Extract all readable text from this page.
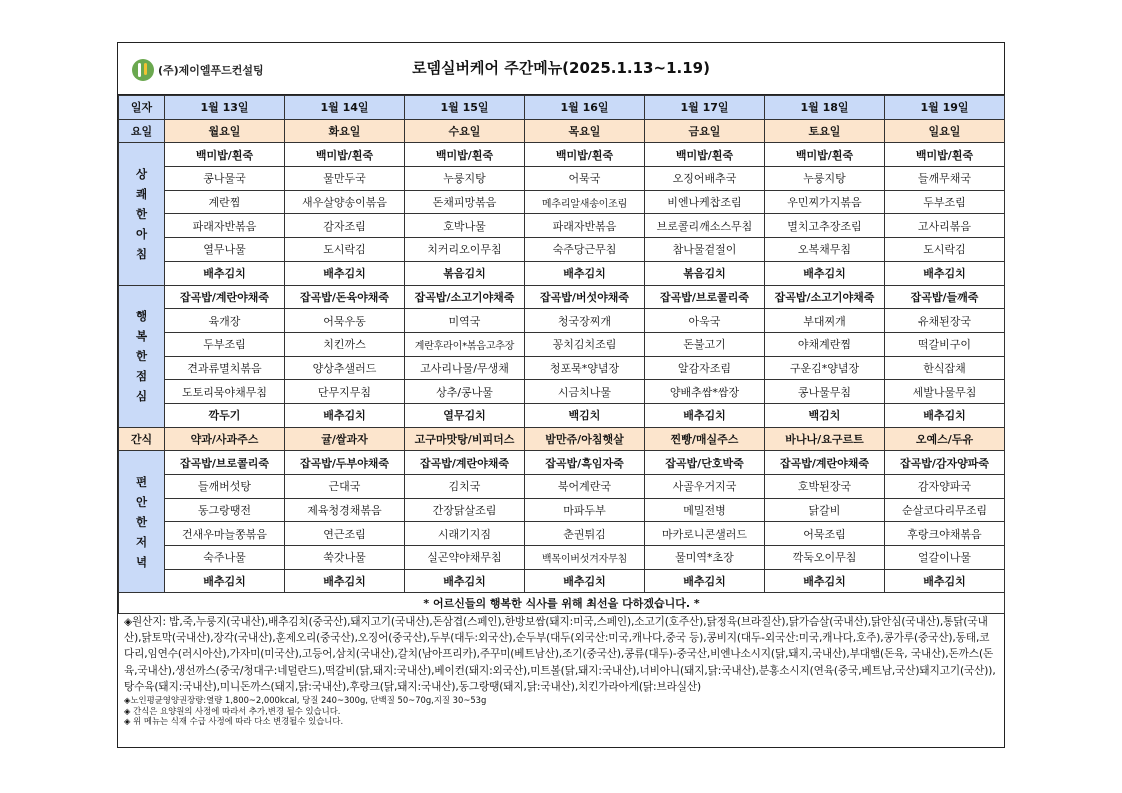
(주)제이엘푸드컨설팅	로뎀실버케어 주간메뉴(2025.1.13~1.19)
일자	1월 13일	1월 14일	1월 15일	1월 16일	1월 17일	1월 18일	1월 19일
요일	월요일	화요일	수요일	목요일	금요일	토요일	일요일

상
쾌
한
아
침	백미밥/흰죽	백미밥/흰죽	백미밥/흰죽	백미밥/흰죽	백미밥/흰죽	백미밥/흰죽	백미밥/흰죽
	콩나물국	물만두국	누룽지탕	어묵국	오징어배추국	누룽지탕	들깨무채국
	계란찜	새우살양송이볶음	돈채피망볶음	메추리알새송이조림	비엔나케찹조림	우민찌가지볶음	두부조림
	파래자반볶음	감자조림	호박나물	파래자반볶음	브로콜리깨소스무침	멸치고추장조림	고사리볶음
	열무나물	도시락김	치커리오이무침	숙주당근무침	참나물겉절이	오복채무침	도시락김
	배추김치	배추김치	볶음김치	배추김치	볶음김치	배추김치	배추김치

행
복
한
점
심	잡곡밥/계란야채죽	잡곡밥/돈육야채죽	잡곡밥/소고기야채죽	잡곡밥/버섯야채죽	잡곡밥/브로콜리죽	잡곡밥/소고기야채죽	잡곡밥/들깨죽
	육개장	어묵우동	미역국	청국장찌개	아욱국	부대찌개	유채된장국
	두부조림	치킨까스	계란후라이*볶음고추장	꽁치김치조림	돈불고기	야채계란찜	떡갈비구이
	견과류멸치볶음	양상추샐러드	고사리나물/무생채	청포묵*양념장	알감자조림	구운김*양념장	한식잡채
	도토리묵야채무침	단무지무침	상추/콩나물	시금치나물	양배추쌈*쌈장	콩나물무침	세발나물무침
	깍두기	배추김치	열무김치	백김치	배추김치	백김치	배추김치
간식	약과/사과주스	귤/쌀과자	고구마맛탕/비피더스	밤만쥬/아침햇살	찐빵/매실주스	바나나/요구르트	오예스/두유

편
안
한
저
녁	잡곡밥/브로콜리죽	잡곡밥/두부야채죽	잡곡밥/계란야채죽	잡곡밥/흑임자죽	잡곡밥/단호박죽	잡곡밥/계란야채죽	잡곡밥/감자양파죽
	들깨버섯탕	근대국	김치국	북어계란국	사골우거지국	호박된장국	감자양파국
	동그랑땡전	제육청경채볶음	간장닭살조림	마파두부	메밀전병	닭갈비	순살코다리무조림
	건새우마늘쫑볶음	연근조림	시래기지짐	춘권튀김	마카로니콘샐러드	어묵조림	후랑크야채볶음
	숙주나물	쑥갓나물	실곤약야채무침	백목이버섯겨자무침	물미역*초장	깍둑오이무침	얼갈이나물
	배추김치	배추김치	배추김치	배추김치	배추김치	배추김치	배추김치
* 어르신들의 행복한 식사를 위해 최선을 다하겠습니다. *							

◈원산지: 밥,죽,누룽지(국내산),배추김치(중국산),돼지고기(국내산),돈삼겹(스페인),한방보쌈(돼지:미국,스페인),소고기(호주산),닭정육(브라질산),닭가슴살(국내산),닭안심(국내산),통닭(국내산),닭토막(국내산),장각(국내산),훈제오리(중국산),오징어(중국산),두부(대두:외국산),순두부(대두(외국산:미국,캐나다,중국 등),콩비지(대두-외국산:미국,캐나다,호주),콩가루(중국산),동태,코다리,임연수(러시아산),가자미(미국산),고등어,삼치(국내산),갈치(남아프리카),주꾸미(베트남산),조기(중국산),콩류(대두)-중국산,비엔나소시지(닭,돼지,국내산),부대햄(돈육, 국내산),돈까스(돈육,국내산),생선까스(중국/청대구:네덜란드),떡갈비(닭,돼지:국내산),베이컨(돼지:외국산),미트볼(닭,돼지:국내산),너비아니(돼지,닭:국내산),분홍소시지(연육(중국,베트남,국산)돼지고기(국산)),탕수육(돼지:국내산),미니돈까스(돼지,닭:국내산),후랑크(닭,돼지:국내산),동그랑땡(돼지,닭:국내산),치킨가라아게(닭:브라실산)

◈노인평균영양권장량:열량 1,800~2,000kcal, 당질 240~300g, 단백질 50~70g,지질 30~53g

◈ 간식은 요양원의 사정에 따라서 추가,변경 될수 있습니다.

◈ 위 메뉴는 식재 수급 사정에 따라 다소 변경될수 있습니다.
